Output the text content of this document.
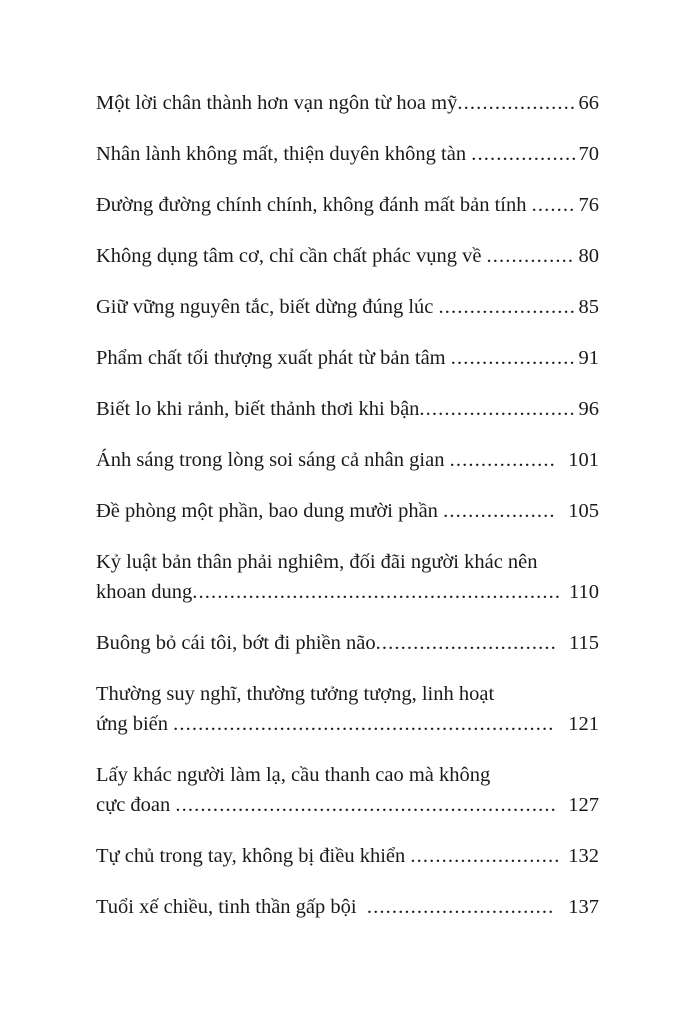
Một lời chân thành hơn vạn ngôn từ hoa mỹ ................... 66
Nhân lành không mất, thiện duyên không tàn ................. 70
Đường đường chính chính, không đánh mất bản tính ....... 76
Không dụng tâm cơ, chỉ cần chất phác vụng về .............. 80
Giữ vững nguyên tắc, biết dừng đúng lúc ...................... 85
Phẩm chất tối thượng xuất phát từ bản tâm .................... 91
Biết lo khi rảnh, biết thảnh thơi khi bận ......................... 96
Ánh sáng trong lòng soi sáng cả nhân gian ................. 101
Đề phòng một phần, bao dung mười phần .................. 105
Kỷ luật bản thân phải nghiêm, đối đãi người khác nên
khoan dung ........................................................... 110
Buông bỏ cái tôi, bớt đi phiền não ............................. 115
Thường suy nghĩ, thường tưởng tượng, linh hoạt
ứng biến ............................................................. 121
Lấy khác người làm lạ, cầu thanh cao mà không
cực đoan ............................................................. 127
Tự chủ trong tay, không bị điều khiển ........................ 132
Tuổi xế chiều, tinh thần gấp bội .............................. 137
